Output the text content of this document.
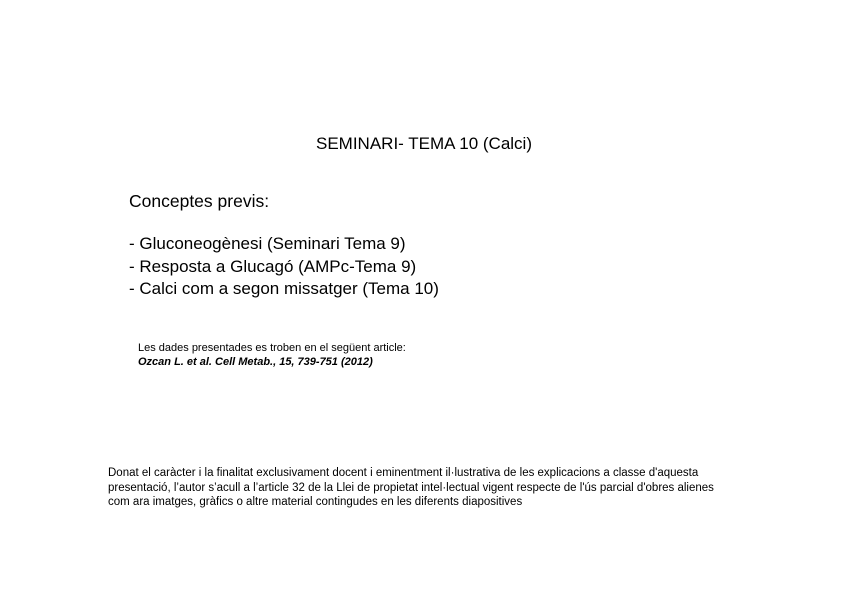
SEMINARI- TEMA 10 (Calci)
Conceptes previs:
- Gluconeogènesi (Seminari Tema 9)
- Resposta a Glucagó (AMPc-Tema 9)
- Calci com a segon missatger (Tema 10)
Les dades presentades es troben en el següent article:
Ozcan L. et al. Cell Metab., 15, 739-751 (2012)
Donat el caràcter i la finalitat exclusivament docent i eminentment il·lustrativa de les explicacions a classe d'aquesta
presentació, l’autor s’acull a l’article 32 de la Llei de propietat intel·lectual vigent respecte de l'ús parcial d'obres alienes
com ara imatges, gràfics o altre material contingudes en les diferents diapositives
